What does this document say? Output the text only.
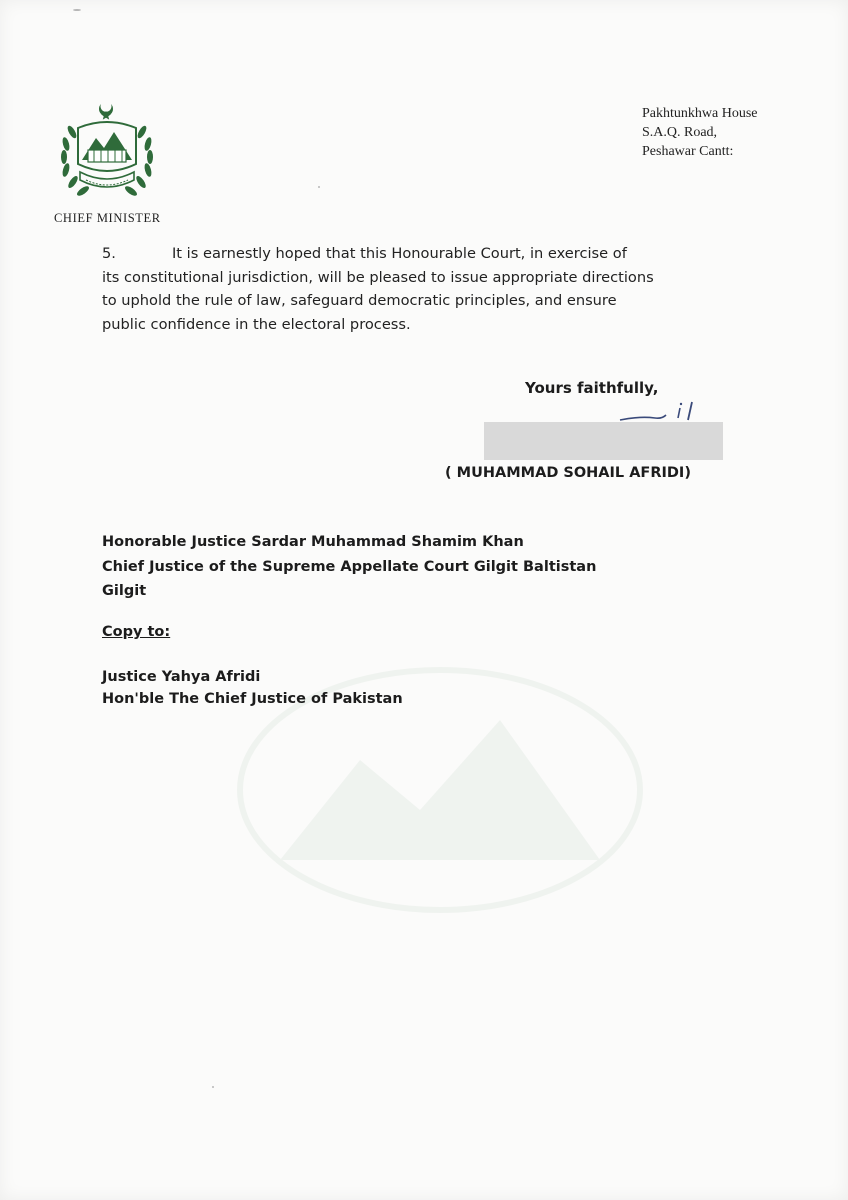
CHIEF MINISTER
Pakhtunkhwa House
S.A.Q. Road,
Peshawar Cantt:
5.	It is earnestly hoped that this Honourable Court, in exercise of
its constitutional jurisdiction, will be pleased to issue appropriate directions
to uphold the rule of law, safeguard democratic principles, and ensure
public confidence in the electoral process.
Yours faithfully,
( MUHAMMAD SOHAIL AFRIDI)
Honorable Justice Sardar Muhammad Shamim Khan
Chief Justice of the Supreme Appellate Court Gilgit Baltistan
Gilgit
Copy to:
Justice Yahya Afridi
Hon'ble The Chief Justice of Pakistan
